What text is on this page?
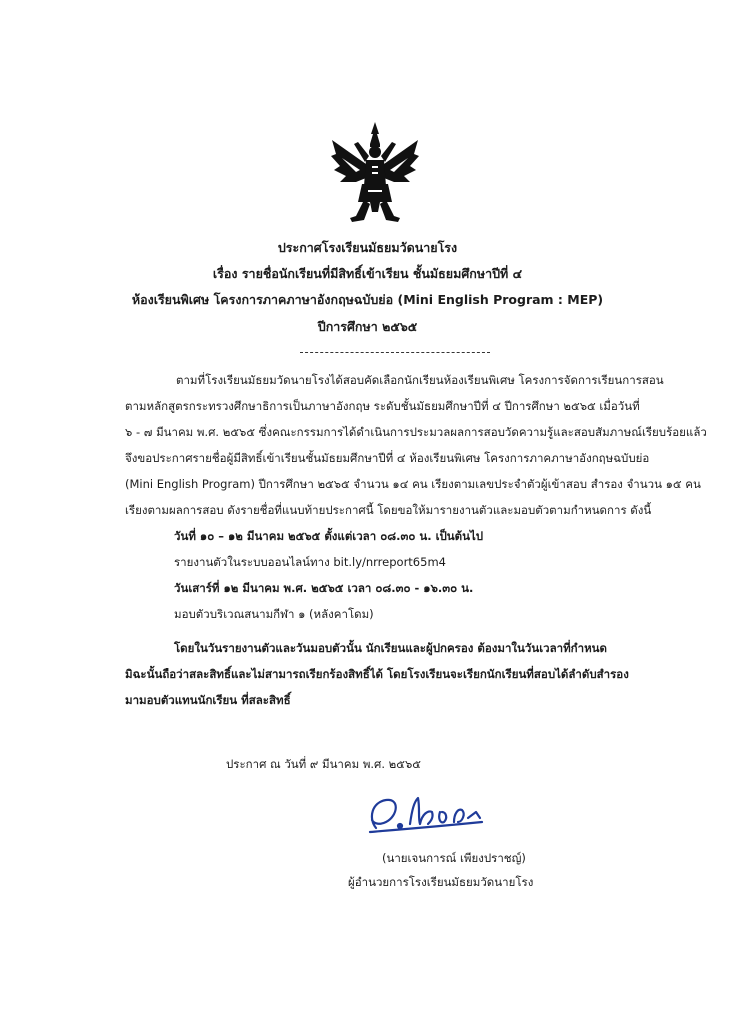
ประกาศโรงเรียนมัธยมวัดนายโรง
เรื่อง รายชื่อนักเรียนที่มีสิทธิ์เข้าเรียน ชั้นมัธยมศึกษาปีที่ ๔
ห้องเรียนพิเศษ โครงการภาคภาษาอังกฤษฉบับย่อ (Mini English Program : MEP)
ปีการศึกษา ๒๕๖๕
ตามที่โรงเรียนมัธยมวัดนายโรงได้สอบคัดเลือกนักเรียนห้องเรียนพิเศษ โครงการจัดการเรียนการสอน
ตามหลักสูตรกระทรวงศึกษาธิการเป็นภาษาอังกฤษ ระดับชั้นมัธยมศึกษาปีที่ ๔ ปีการศึกษา ๒๕๖๕ เมื่อวันที่
๖ - ๗ มีนาคม พ.ศ. ๒๕๖๕ ซึ่งคณะกรรมการได้ดำเนินการประมวลผลการสอบวัดความรู้และสอบสัมภาษณ์เรียบร้อยแล้ว
จึงขอประกาศรายชื่อผู้มีสิทธิ์เข้าเรียนชั้นมัธยมศึกษาปีที่ ๔ ห้องเรียนพิเศษ โครงการภาคภาษาอังกฤษฉบับย่อ
(Mini English Program) ปีการศึกษา ๒๕๖๕ จำนวน ๑๔ คน เรียงตามเลขประจำตัวผู้เข้าสอบ สำรอง จำนวน ๑๕ คน
เรียงตามผลการสอบ ดังรายชื่อที่แนบท้ายประกาศนี้ โดยขอให้มารายงานตัวและมอบตัวตามกำหนดการ ดังนี้
วันที่ ๑๐ – ๑๒ มีนาคม ๒๕๖๕ ตั้งแต่เวลา ๐๘.๓๐ น. เป็นต้นไป
รายงานตัวในระบบออนไลน์ทาง bit.ly/nrreport65m4
วันเสาร์ที่ ๑๒ มีนาคม พ.ศ. ๒๕๖๕ เวลา ๐๘.๓๐ - ๑๖.๓๐ น.
มอบตัวบริเวณสนามกีฬา ๑ (หลังคาโดม)
โดยในวันรายงานตัวและวันมอบตัวนั้น นักเรียนและผู้ปกครอง ต้องมาในวันเวลาที่กำหนด
มิฉะนั้นถือว่าสละสิทธิ์และไม่สามารถเรียกร้องสิทธิ์ได้ โดยโรงเรียนจะเรียกนักเรียนที่สอบได้ลำดับสำรอง
มามอบตัวแทนนักเรียน ที่สละสิทธิ์
ประกาศ ณ วันที่ ๙ มีนาคม พ.ศ. ๒๕๖๕
(นายเจนการณ์ เพียงปราชญ์)
ผู้อำนวยการโรงเรียนมัธยมวัดนายโรง
